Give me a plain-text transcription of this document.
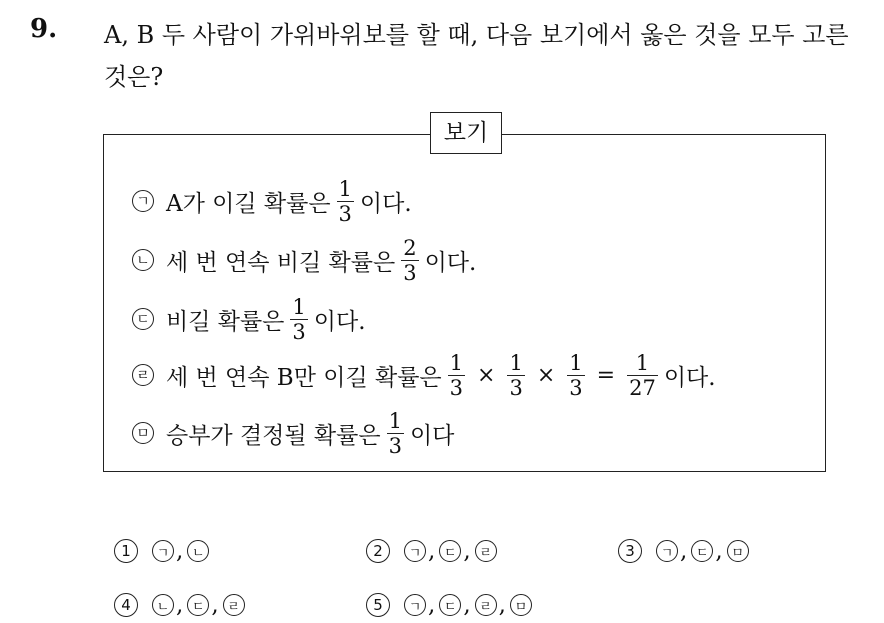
9. A, B 두 사람이 가위바위보를 할 때, 다음 보기에서 옳은 것을 모두 고른 것은?
보기
ㄱ A가 이길 확률은 $\frac{1}{3}$ 이다.
ㄴ 세 번 연속 비길 확률은 $\frac{2}{3}$ 이다.
ㄷ 비길 확률은 $\frac{1}{3}$ 이다.
ㄹ 세 번 연속 B만 이길 확률은 $\frac{1}{3} \times \frac{1}{3} \times \frac{1}{3} = \frac{1}{27}$ 이다.
ㅁ 승부가 결정될 확률은 $\frac{1}{3}$ 이다
1	ㄱ , ㄴ	2	ㄱ , ㄷ , ㄹ	3	ㄱ , ㄷ , ㅁ
4	ㄴ , ㄷ , ㄹ	5	ㄱ , ㄷ , ㄹ , ㅁ
